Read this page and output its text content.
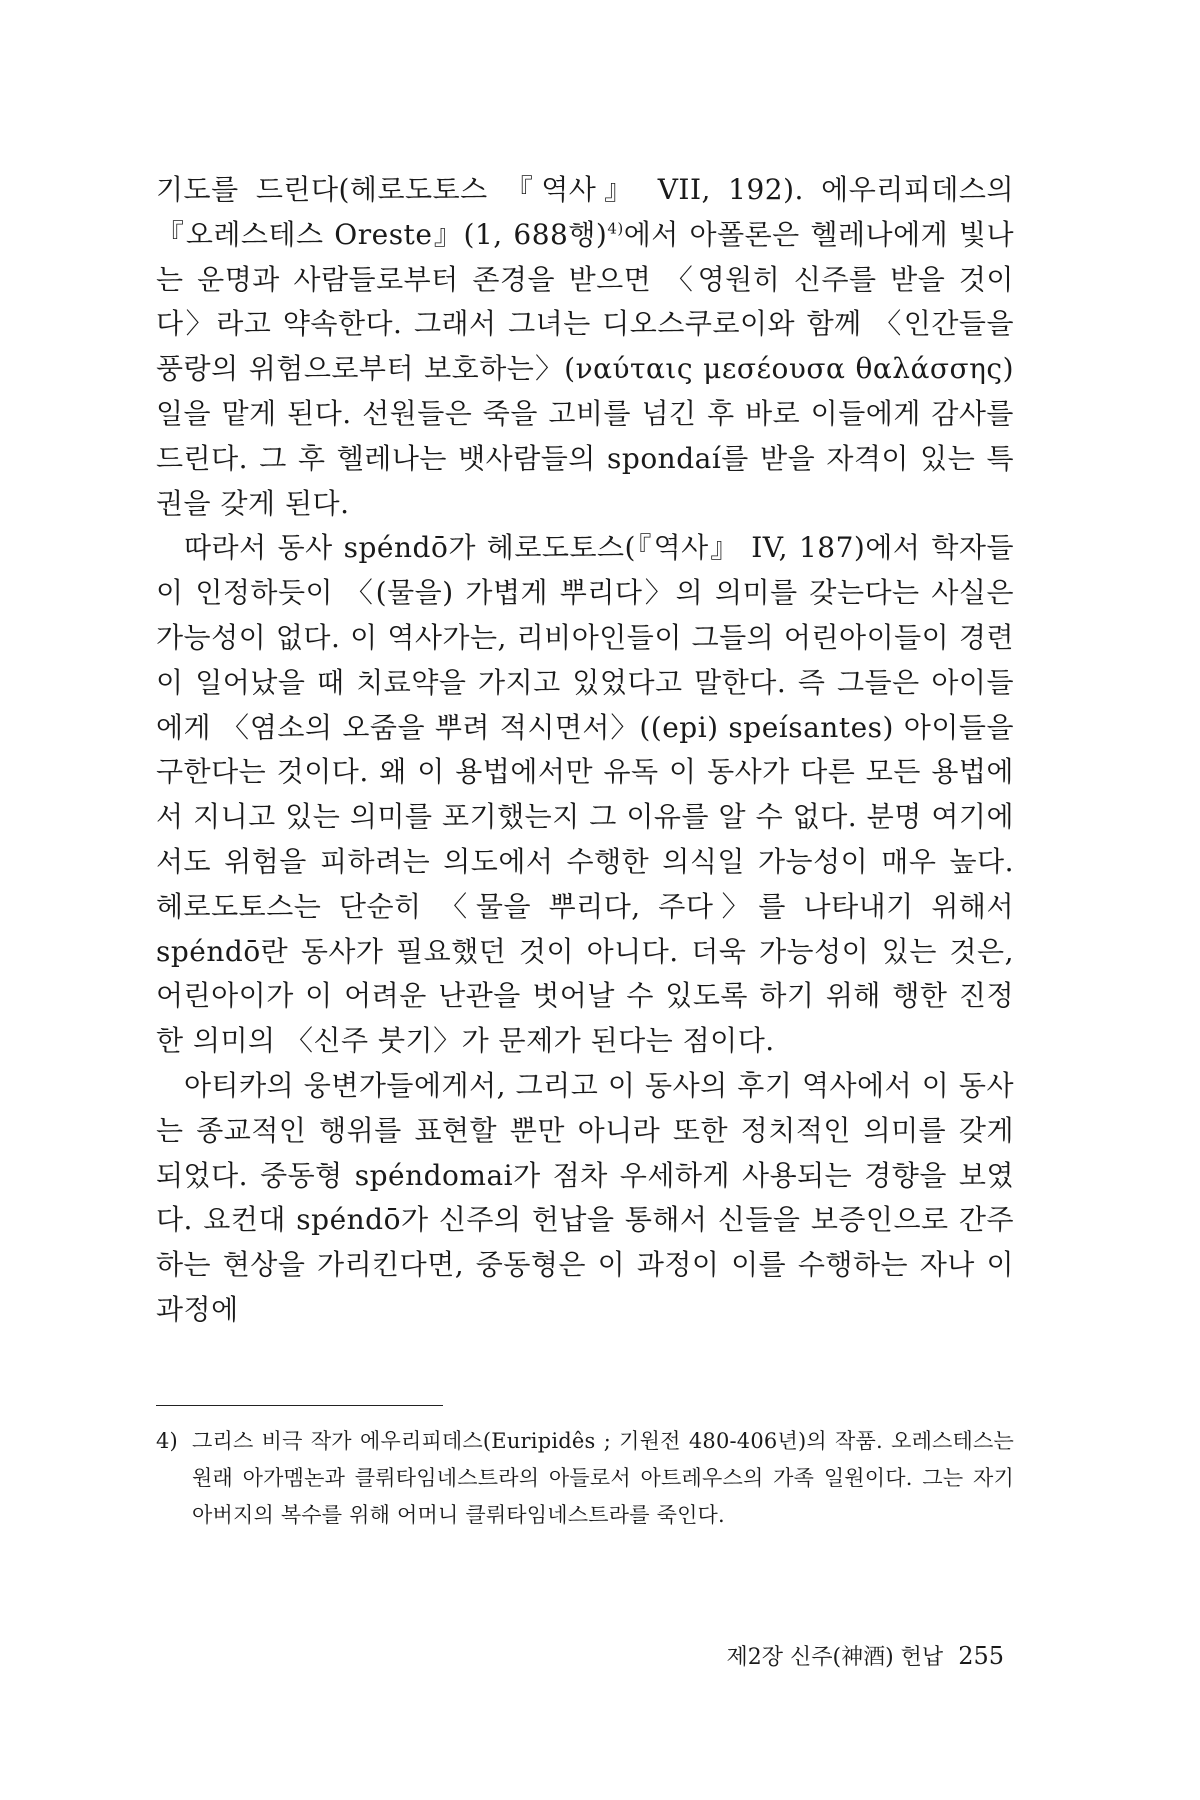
기도를 드린다(헤로도토스 『역사』 VII, 192). 에우리피데스의 『오레스테스 Oreste』(1, 688행)$^{4)}$에서 아폴론은 헬레나에게 빛나는 운명과 사람들로부터 존경을 받으면 〈영원히 신주를 받을 것이다〉라고 약속한다. 그래서 그녀는 디오스쿠로이와 함께 〈인간들을 풍랑의 위험으로부터 보호하는〉(ναύταις μεσέουσα θαλάσσης) 일을 맡게 된다. 선원들은 죽을 고비를 넘긴 후 바로 이들에게 감사를 드린다. 그 후 헬레나는 뱃사람들의 spondaí를 받을 자격이 있는 특권을 갖게 된다.

따라서 동사 spéndō가 헤로도토스(『역사』 IV, 187)에서 학자들이 인정하듯이 〈(물을) 가볍게 뿌리다〉의 의미를 갖는다는 사실은 가능성이 없다. 이 역사가는, 리비아인들이 그들의 어린아이들이 경련이 일어났을 때 치료약을 가지고 있었다고 말한다. 즉 그들은 아이들에게 〈염소의 오줌을 뿌려 적시면서〉((epi) speísantes) 아이들을 구한다는 것이다. 왜 이 용법에서만 유독 이 동사가 다른 모든 용법에서 지니고 있는 의미를 포기했는지 그 이유를 알 수 없다. 분명 여기에서도 위험을 피하려는 의도에서 수행한 의식일 가능성이 매우 높다. 헤로도토스는 단순히 〈물을 뿌리다, 주다〉를 나타내기 위해서 spéndō란 동사가 필요했던 것이 아니다. 더욱 가능성이 있는 것은, 어린아이가 이 어려운 난관을 벗어날 수 있도록 하기 위해 행한 진정한 의미의 〈신주 붓기〉가 문제가 된다는 점이다.

아티카의 웅변가들에게서, 그리고 이 동사의 후기 역사에서 이 동사는 종교적인 행위를 표현할 뿐만 아니라 또한 정치적인 의미를 갖게 되었다. 중동형 spéndomai가 점차 우세하게 사용되는 경향을 보였다. 요컨대 spéndō가 신주의 헌납을 통해서 신들을 보증인으로 간주하는 현상을 가리킨다면, 중동형은 이 과정이 이를 수행하는 자나 이 과정에

4) 그리스 비극 작가 에우리피데스(Euripidês ; 기원전 480-406년)의 작품. 오레스테스는 원래 아가멤논과 클뤼타임네스트라의 아들로서 아트레우스의 가족 일원이다. 그는 자기 아버지의 복수를 위해 어머니 클뤼타임네스트라를 죽인다.
제2장 신주(神酒) 헌납 255
